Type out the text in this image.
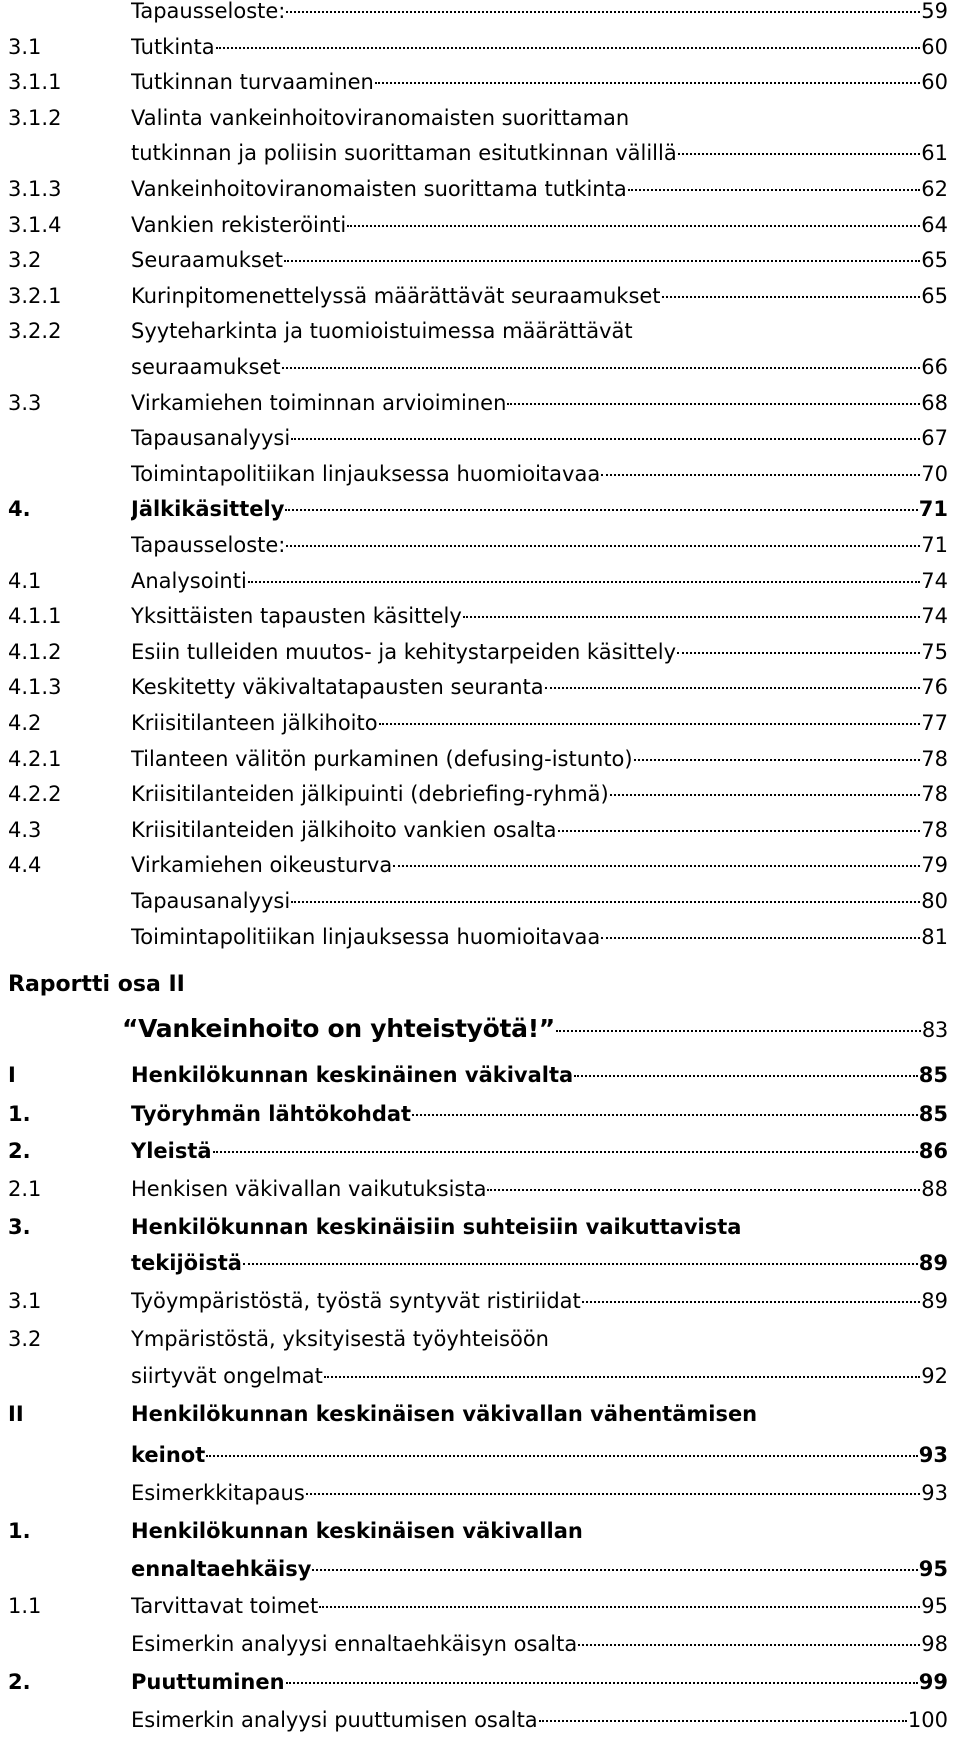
Raportti osa II
Tapausseloste:	59
3.1	Tutkinta	60
3.1.1	Tutkinnan turvaaminen	60
3.1.2	Valinta vankeinhoitoviranomaisten suorittaman
tutkinnan ja poliisin suorittaman esitutkinnan välillä	61
3.1.3	Vankeinhoitoviranomaisten suorittama tutkinta	62
3.1.4	Vankien rekisteröinti	64
3.2	Seuraamukset	65
3.2.1	Kurinpitomenettelyssä määrättävät seuraamukset	65
3.2.2	Syyteharkinta ja tuomioistuimessa määrättävät
seuraamukset	66
3.3	Virkamiehen toiminnan arvioiminen	68
Tapausanalyysi	67
Toimintapolitiikan linjauksessa huomioitavaa	70
4.	Jälkikäsittely	71
Tapausseloste:	71
4.1	Analysointi	74
4.1.1	Yksittäisten tapausten käsittely	74
4.1.2	Esiin tulleiden muutos- ja kehitystarpeiden käsittely	75
4.1.3	Keskitetty väkivaltatapausten seuranta	76
4.2	Kriisitilanteen jälkihoito	77
4.2.1	Tilanteen välitön purkaminen (defusing-istunto)	78
4.2.2	Kriisitilanteiden jälkipuinti (debriefing-ryhmä)	78
4.3	Kriisitilanteiden jälkihoito vankien osalta	78
4.4	Virkamiehen oikeusturva	79
Tapausanalyysi	80
Toimintapolitiikan linjauksessa huomioitavaa	81
“Vankeinhoito on yhteistyötä!”	83
I	Henkilökunnan keskinäinen väkivalta	85
1.	Työryhmän lähtökohdat	85
2.	Yleistä	86
2.1	Henkisen väkivallan vaikutuksista	88
3.	Henkilökunnan keskinäisiin suhteisiin vaikuttavista
tekijöistä	89
3.1	Työympäristöstä, työstä syntyvät ristiriidat	89
3.2	Ympäristöstä, yksityisestä työyhteisöön
siirtyvät ongelmat	92
II	Henkilökunnan keskinäisen väkivallan vähentämisen
keinot	93
Esimerkkitapaus	93
1.	Henkilökunnan keskinäisen väkivallan
ennaltaehkäisy	95
1.1	Tarvittavat toimet	95
Esimerkin analyysi ennaltaehkäisyn osalta	98
2.	Puuttuminen	99
Esimerkin analyysi puuttumisen osalta	100
